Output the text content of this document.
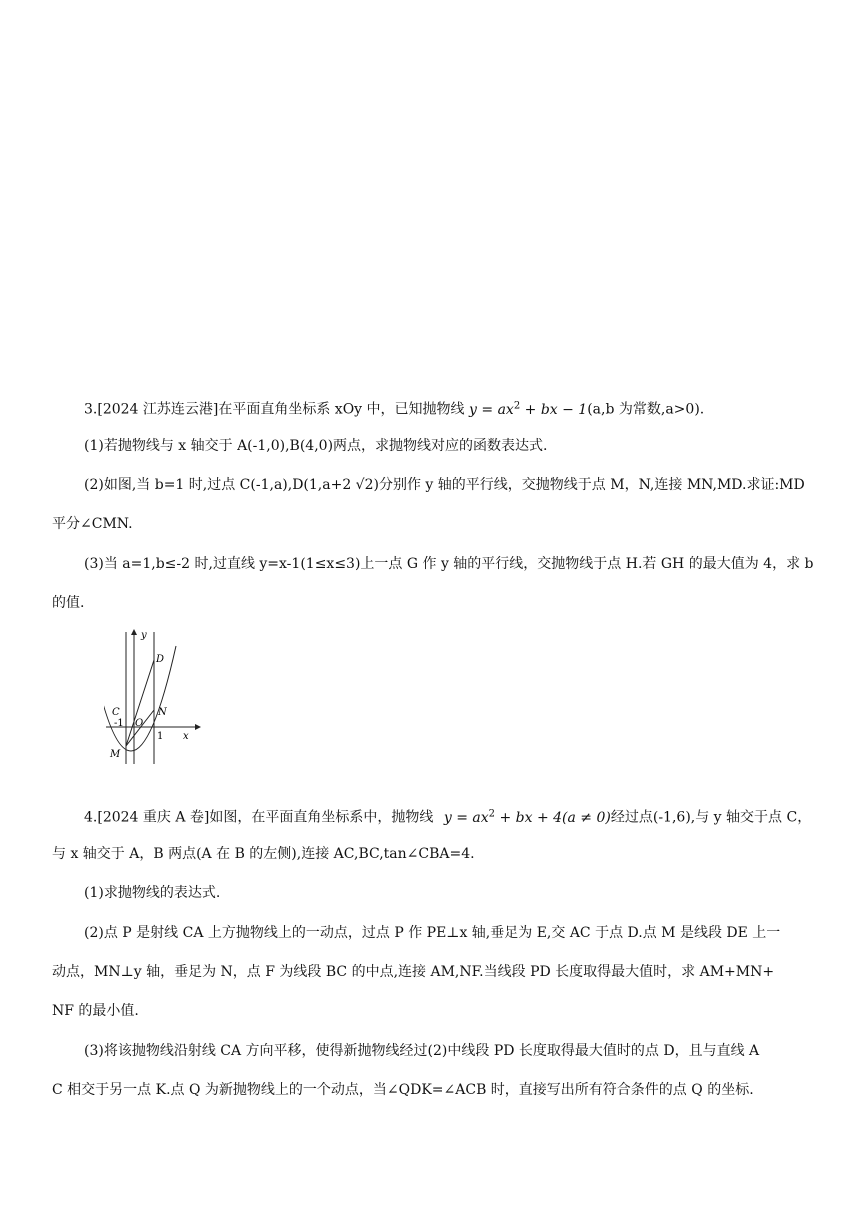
3.[2024 江苏连云港]在平面直角坐标系 xOy 中，已知抛物线 $y = ax^2$ + bx − 1(a,b 为常数,a>0).
(1)若抛物线与 x 轴交于 A(-1,0),B(4,0)两点，求抛物线对应的函数表达式.
(2)如图,当 b=1 时,过点 C(-1,a),D(1,a+2 √2)分别作 y 轴的平行线，交抛物线于点 M，N,连接 MN,MD.求证:MD
平分∠CMN.
(3)当 a=1,b≤-2 时,过直线 y=x-1(1≤x≤3)上一点 G 作 y 轴的平行线，交抛物线于点 H.若 GH 的最大值为 4，求 b
的值.
y
D
C	N
-1 O
1 x
M
4.[2024 重庆 A 卷]如图，在平面直角坐标系中，抛物线 $y = ax^2$ + bx + 4(a ≠ 0)经过点(-1,6),与 y 轴交于点 C，
与 x 轴交于 A，B 两点(A 在 B 的左侧),连接 AC,BC,tan∠CBA=4.
(1)求抛物线的表达式.
(2)点 P 是射线 CA 上方抛物线上的一动点，过点 P 作 PE⊥x 轴,垂足为 E,交 AC 于点 D.点 M 是线段 DE 上一
动点，MN⊥y 轴，垂足为 N，点 F 为线段 BC 的中点,连接 AM,NF.当线段 PD 长度取得最大值时，求 AM+MN+
NF 的最小值.
(3)将该抛物线沿射线 CA 方向平移，使得新抛物线经过(2)中线段 PD 长度取得最大值时的点 D，且与直线 A
C 相交于另一点 K.点 Q 为新抛物线上的一个动点，当∠QDK=∠ACB 时，直接写出所有符合条件的点 Q 的坐标.
